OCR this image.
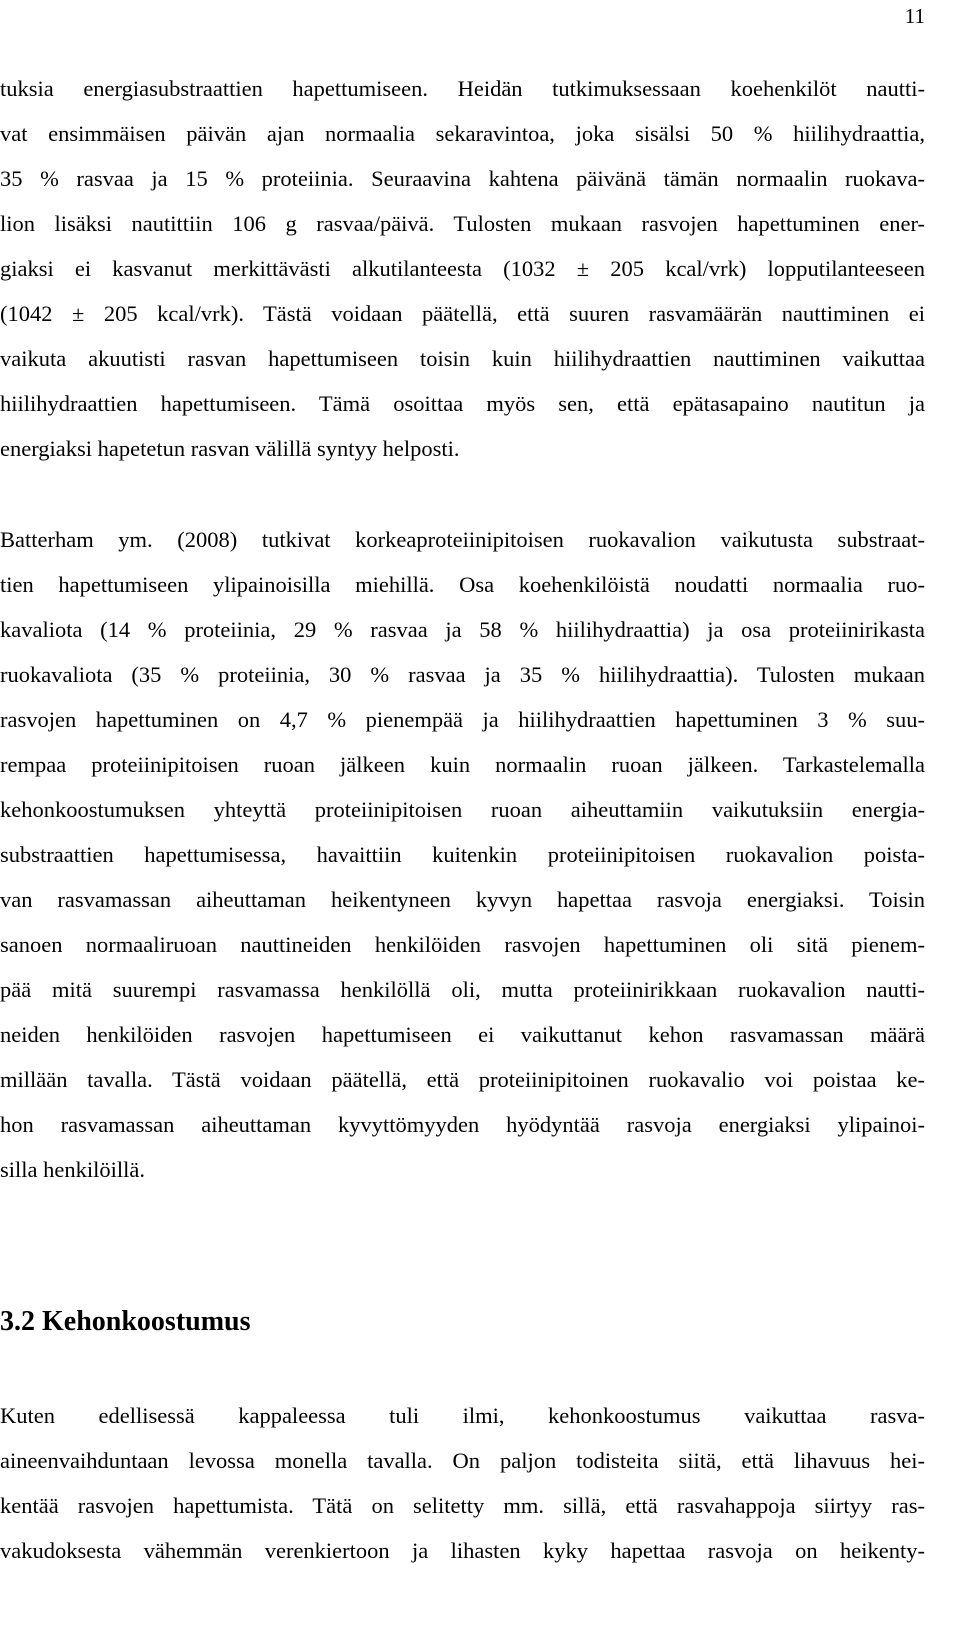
11
tuksia energiasubstraattien hapettumiseen. Heidän tutkimuksessaan koehenkilöt nautti-
vat ensimmäisen päivän ajan normaalia sekaravintoa, joka sisälsi 50 % hiilihydraattia,
35 % rasvaa ja 15 % proteiinia. Seuraavina kahtena päivänä tämän normaalin ruokava-
lion lisäksi nautittiin 106 g rasvaa/päivä. Tulosten mukaan rasvojen hapettuminen ener-
giaksi ei kasvanut merkittävästi alkutilanteesta (1032 ± 205 kcal/vrk) lopputilanteeseen
(1042 ± 205 kcal/vrk). Tästä voidaan päätellä, että suuren rasvamäärän nauttiminen ei
vaikuta akuutisti rasvan hapettumiseen toisin kuin hiilihydraattien nauttiminen vaikuttaa
hiilihydraattien hapettumiseen. Tämä osoittaa myös sen, että epätasapaino nautitun ja
energiaksi hapetetun rasvan välillä syntyy helposti.
Batterham ym. (2008) tutkivat korkeaproteiinipitoisen ruokavalion vaikutusta substraat-
tien hapettumiseen ylipainoisilla miehillä. Osa koehenkilöistä noudatti normaalia ruo-
kavaliota (14 % proteiinia, 29 % rasvaa ja 58 % hiilihydraattia) ja osa proteiinirikasta
ruokavaliota (35 % proteiinia, 30 % rasvaa ja 35 % hiilihydraattia). Tulosten mukaan
rasvojen hapettuminen on 4,7 % pienempää ja hiilihydraattien hapettuminen 3 % suu-
rempaa proteiinipitoisen ruoan jälkeen kuin normaalin ruoan jälkeen. Tarkastelemalla
kehonkoostumuksen yhteyttä proteiinipitoisen ruoan aiheuttamiin vaikutuksiin energia-
substraattien hapettumisessa, havaittiin kuitenkin proteiinipitoisen ruokavalion poista-
van rasvamassan aiheuttaman heikentyneen kyvyn hapettaa rasvoja energiaksi. Toisin
sanoen normaaliruoan nauttineiden henkilöiden rasvojen hapettuminen oli sitä pienem-
pää mitä suurempi rasvamassa henkilöllä oli, mutta proteiinirikkaan ruokavalion nautti-
neiden henkilöiden rasvojen hapettumiseen ei vaikuttanut kehon rasvamassan määrä
millään tavalla. Tästä voidaan päätellä, että proteiinipitoinen ruokavalio voi poistaa ke-
hon rasvamassan aiheuttaman kyvyttömyyden hyödyntää rasvoja energiaksi ylipainoi-
silla henkilöillä.
3.2 Kehonkoostumus
Kuten edellisessä kappaleessa tuli ilmi, kehonkoostumus vaikuttaa rasva-
aineenvaihduntaan levossa monella tavalla. On paljon todisteita siitä, että lihavuus hei-
kentää rasvojen hapettumista. Tätä on selitetty mm. sillä, että rasvahappoja siirtyy ras-
vakudoksesta vähemmän verenkiertoon ja lihasten kyky hapettaa rasvoja on heikenty-
